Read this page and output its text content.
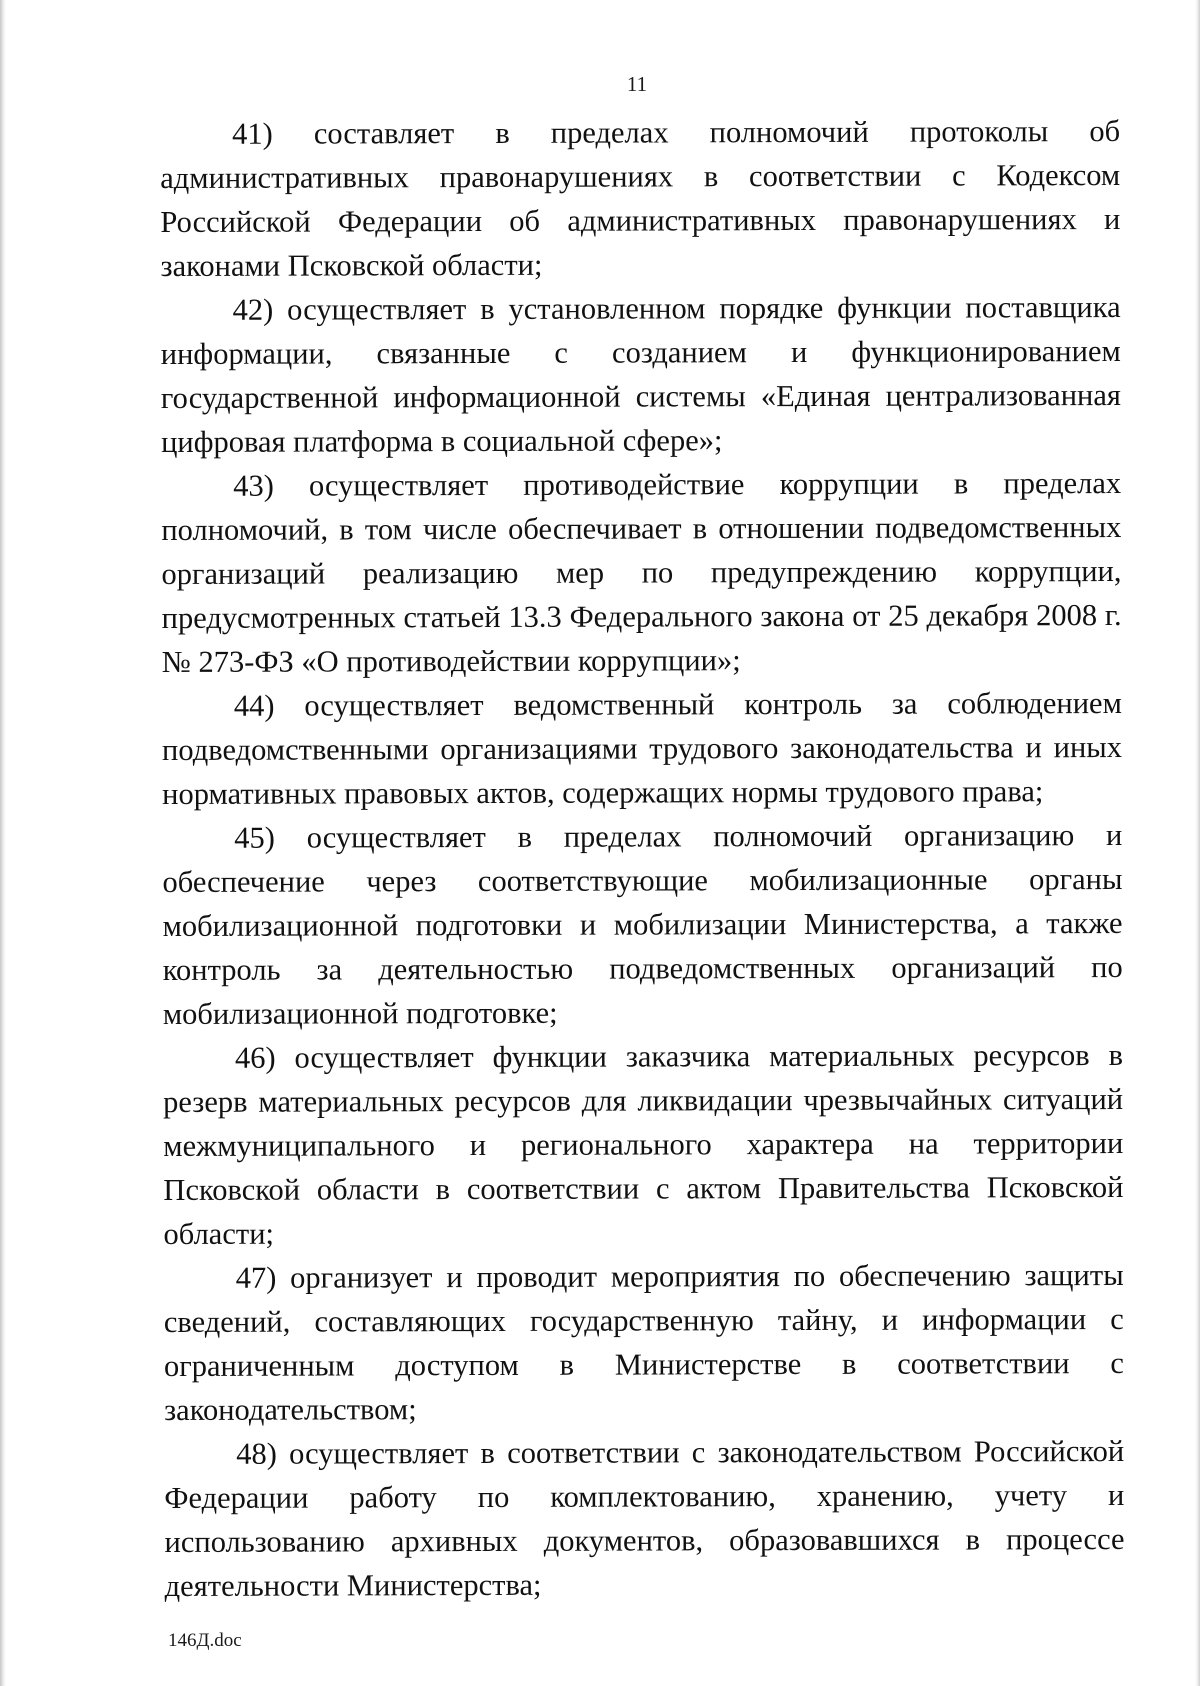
11

41) составляет в пределах полномочий протоколы об административных правонарушениях в соответствии с Кодексом Российской Федерации об административных правонарушениях и законами Псковской области;

42) осуществляет в установленном порядке функции поставщика информации, связанные с созданием и функционированием государственной информационной системы «Единая централизованная цифровая платформа в социальной сфере»;

43) осуществляет противодействие коррупции в пределах полномочий, в том числе обеспечивает в отношении подведомственных организаций реализацию мер по предупреждению коррупции, предусмотренных статьей 13.3 Федерального закона от 25 декабря 2008 г. № 273-ФЗ «О противодействии коррупции»;

44) осуществляет ведомственный контроль за соблюдением подведомственными организациями трудового законодательства и иных нормативных правовых актов, содержащих нормы трудового права;

45) осуществляет в пределах полномочий организацию и обеспечение через соответствующие мобилизационные органы мобилизационной подготовки и мобилизации Министерства, а также контроль за деятельностью подведомственных организаций по мобилизационной подготовке;

46) осуществляет функции заказчика материальных ресурсов в резерв материальных ресурсов для ликвидации чрезвычайных ситуаций межмуниципального и регионального характера на территории Псковской области в соответствии с актом Правительства Псковской области;

47) организует и проводит мероприятия по обеспечению защиты сведений, составляющих государственную тайну, и информации с ограниченным доступом в Министерстве в соответствии с законодательством;

48) осуществляет в соответствии с законодательством Российской Федерации работу по комплектованию, хранению, учету и использованию архивных документов, образовавшихся в процессе деятельности Министерства;

146Д.doc
